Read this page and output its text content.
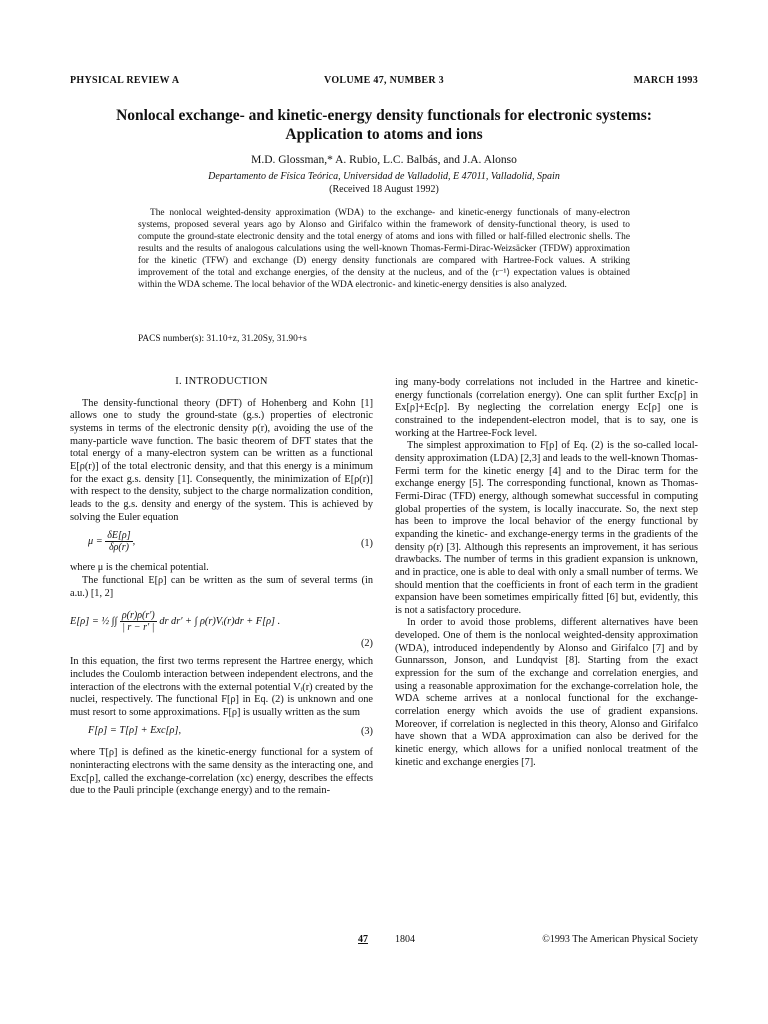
PHYSICAL REVIEW A	VOLUME 47, NUMBER 3	MARCH 1993
Nonlocal exchange- and kinetic-energy density functionals for electronic systems:
Application to atoms and ions
M.D. Glossman,* A. Rubio, L.C. Balbás, and J.A. Alonso
Departamento de Física Teórica, Universidad de Valladolid, E 47011, Valladolid, Spain
(Received 18 August 1992)
The nonlocal weighted-density approximation (WDA) to the exchange- and kinetic-energy functionals of many-electron systems, proposed several years ago by Alonso and Girifalco within the framework of density-functional theory, is used to compute the ground-state electronic density and the total energy of atoms and ions with filled or half-filled electronic shells. The results and the results of analogous calculations using the well-known Thomas-Fermi-Dirac-Weizsäcker (TFDW) approximation for the kinetic (TFW) and exchange (D) energy density functionals are compared with Hartree-Fock values. A striking improvement of the total and exchange energies, of the density at the nucleus, and of the ⟨r⁻¹⟩ expectation values is obtained within the WDA scheme. The local behavior of the WDA electronic- and kinetic-energy densities is also analyzed.
PACS number(s): 31.10+z, 31.20Sy, 31.90+s
I. INTRODUCTION

The density-functional theory (DFT) of Hohenberg and Kohn [1] allows one to study the ground-state (g.s.) properties of electronic systems in terms of the electronic density ρ(r), avoiding the use of the many-particle wave function. The basic theorem of DFT states that the total energy of a many-electron system can be written as a functional E[ρ(r)] of the total electronic density, and that this energy is a minimum for the exact g.s. density [1]. Consequently, the minimization of E[ρ(r)] with respect to the density, subject to the charge normalization condition, leads to the g.s. density and energy of the system. This is achieved by solving the Euler equation

$\mu = \frac{\delta E[\rho]}{\delta\rho(r)}$ ,	(1)

where μ is the chemical potential.

The functional E[ρ] can be written as the sum of several terms (in a.u.) [1, 2]

E[ρ] = ½ ∫∫ $\frac{\rho(r)\rho(r')}{| r - r' |}$ dr dr′ + ∫ ρ(r)Vᵢ(r)dr + F[ρ] .
(2)

In this equation, the first two terms represent the Hartree energy, which includes the Coulomb interaction between independent electrons, and the interaction of the electrons with the external potential Vᵢ(r) created by the nuclei, respectively. The functional F[ρ] in Eq. (2) is unknown and one must resort to some approximations. F[ρ] is usually written as the sum

F[ρ] = T[ρ] + Exc[ρ],	(3)

where T[ρ] is defined as the kinetic-energy functional for a system of noninteracting electrons with the same density as the interacting one, and Exc[ρ], called the exchange-correlation (xc) energy, describes the effects due to the Pauli principle (exchange energy) and to the remain-

ing many-body correlations not included in the Hartree and kinetic-energy functionals (correlation energy). One can split further Exc[ρ] in Ex[ρ]+Ec[ρ]. By neglecting the correlation energy Ec[ρ] one is constrained to the independent-electron model, that is to say, one is working at the Hartree-Fock level.

The simplest approximation to F[ρ] of Eq. (2) is the so-called local-density approximation (LDA) [2,3] and leads to the well-known Thomas-Fermi term for the kinetic energy [4] and to the Dirac term for the exchange energy [5]. The corresponding functional, known as Thomas-Fermi-Dirac (TFD) energy, although somewhat successful in computing global properties of the system, is locally inaccurate. So, the next step has been to improve the local behavior of the energy functional by expanding the kinetic- and exchange-energy terms in the gradients of the density ρ(r) [3]. Although this represents an improvement, it has serious drawbacks. The number of terms in this gradient expansion is unknown, and in practice, one is able to deal with only a small number of terms. We should mention that the coefficients in front of each term in the gradient expansion have been sometimes empirically fitted [6] but, evidently, this is not a satisfactory procedure.

In order to avoid those problems, different alternatives have been developed. One of them is the nonlocal weighted-density approximation (WDA), introduced independently by Alonso and Girifalco [7] and by Gunnarsson, Jonson, and Lundqvist [8]. Starting from the exact expression for the sum of the exchange and correlation energies, and using a reasonable approximation for the exchange-correlation hole, the WDA scheme arrives at a nonlocal functional for the exchange-correlation energy which avoids the use of gradient expansions. Moreover, if correlation is neglected in this theory, Alonso and Girifalco have shown that a WDA approximation can also be derived for the kinetic energy, which allows for a unified nonlocal treatment of the kinetic and exchange energies [7].

47	1804	©1993 The American Physical Society
